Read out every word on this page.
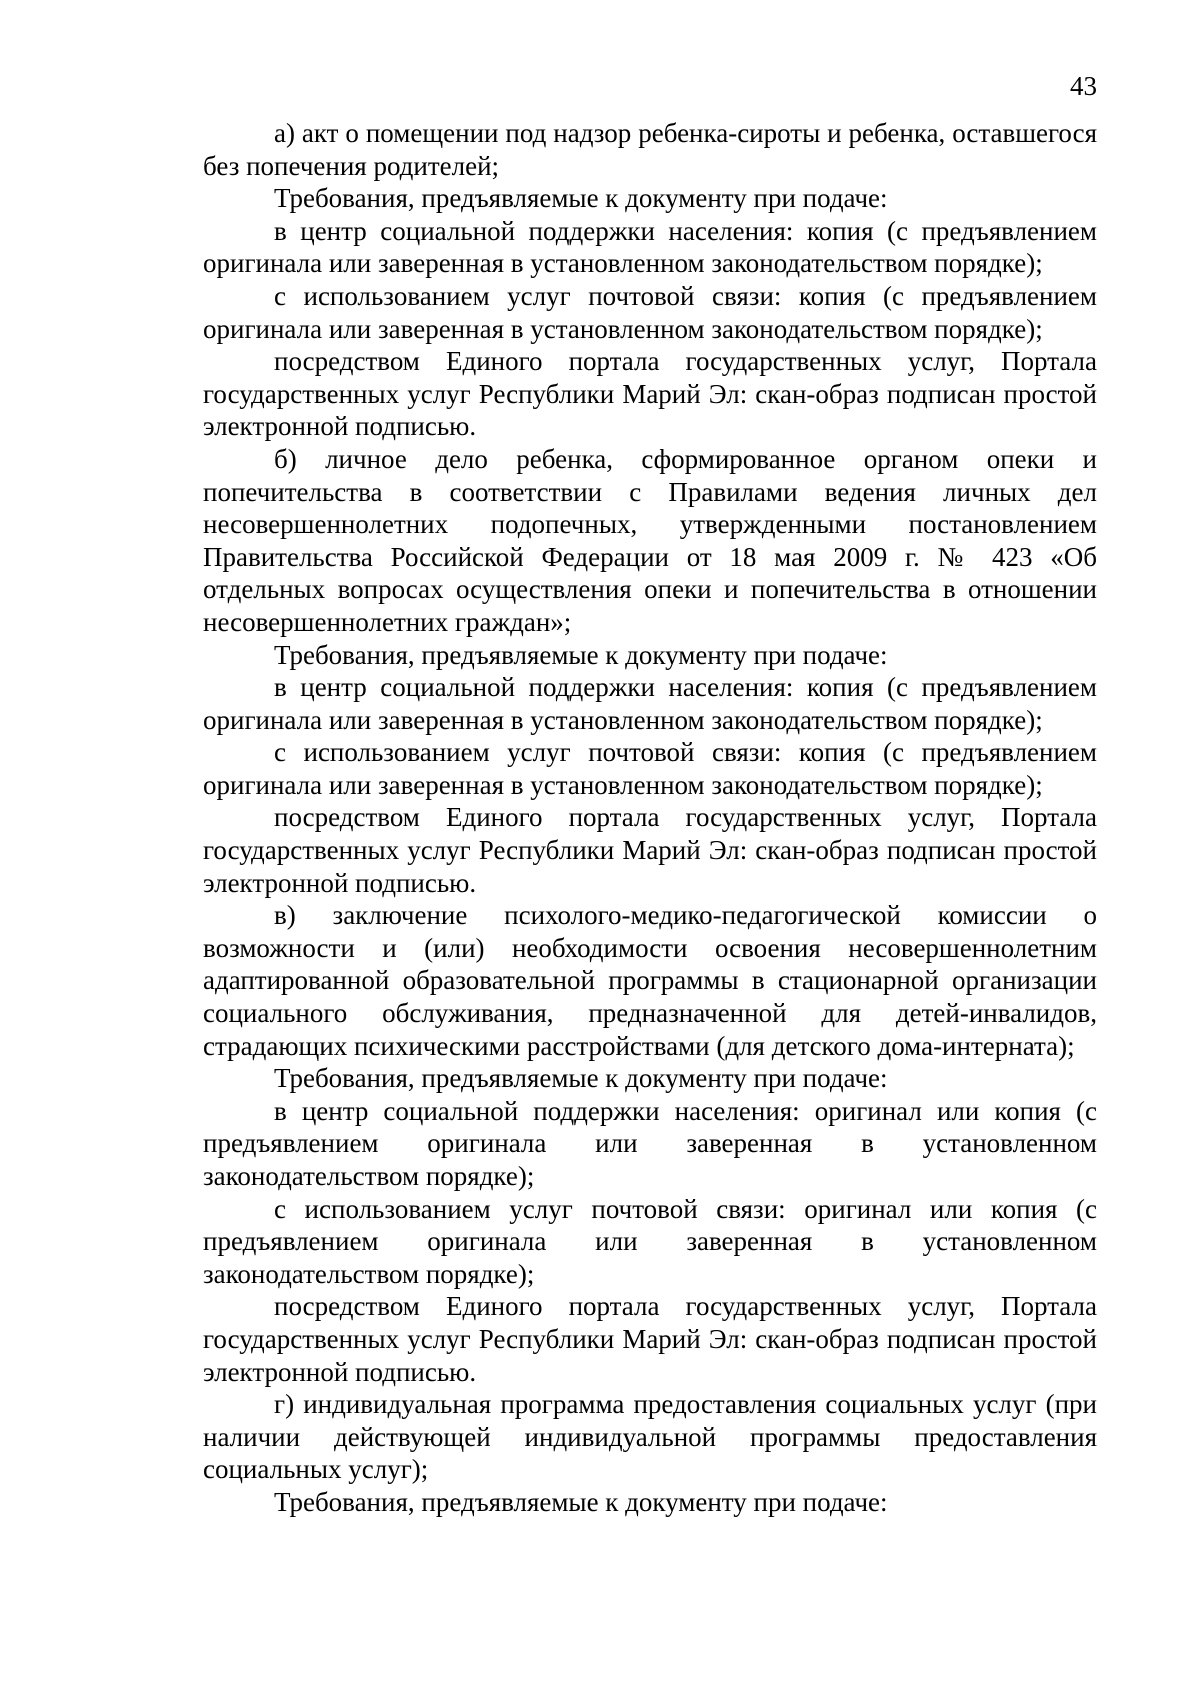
43

а) акт о помещении под надзор ребенка-сироты и ребенка, оставшегося без попечения родителей;

Требования, предъявляемые к документу при подаче:

в центр социальной поддержки населения: копия (с предъявлением оригинала или заверенная в установленном законодательством порядке);

с использованием услуг почтовой связи: копия (с предъявлением оригинала или заверенная в установленном законодательством порядке);

посредством Единого портала государственных услуг, Портала государственных услуг Республики Марий Эл: скан-образ подписан простой электронной подписью.

б) личное дело ребенка, сформированное органом опеки и попечительства в соответствии с Правилами ведения личных дел несовершеннолетних подопечных, утвержденными постановлением Правительства Российской Федерации от 18 мая 2009 г. № 423 «Об отдельных вопросах осуществления опеки и попечительства в отношении несовершеннолетних граждан»;

Требования, предъявляемые к документу при подаче:

в центр социальной поддержки населения: копия (с предъявлением оригинала или заверенная в установленном законодательством порядке);

с использованием услуг почтовой связи: копия (с предъявлением оригинала или заверенная в установленном законодательством порядке);

посредством Единого портала государственных услуг, Портала государственных услуг Республики Марий Эл: скан-образ подписан простой электронной подписью.

в) заключение психолого-медико-педагогической комиссии о возможности и (или) необходимости освоения несовершеннолетним адаптированной образовательной программы в стационарной организации социального обслуживания, предназначенной для детей-инвалидов, страдающих психическими расстройствами (для детского дома-интерната);

Требования, предъявляемые к документу при подаче:

в центр социальной поддержки населения: оригинал или копия (с предъявлением оригинала или заверенная в установленном законодательством порядке);

с использованием услуг почтовой связи: оригинал или копия (с предъявлением оригинала или заверенная в установленном законодательством порядке);

посредством Единого портала государственных услуг, Портала государственных услуг Республики Марий Эл: скан-образ подписан простой электронной подписью.

г) индивидуальная программа предоставления социальных услуг (при наличии действующей индивидуальной программы предоставления социальных услуг);

Требования, предъявляемые к документу при подаче:
